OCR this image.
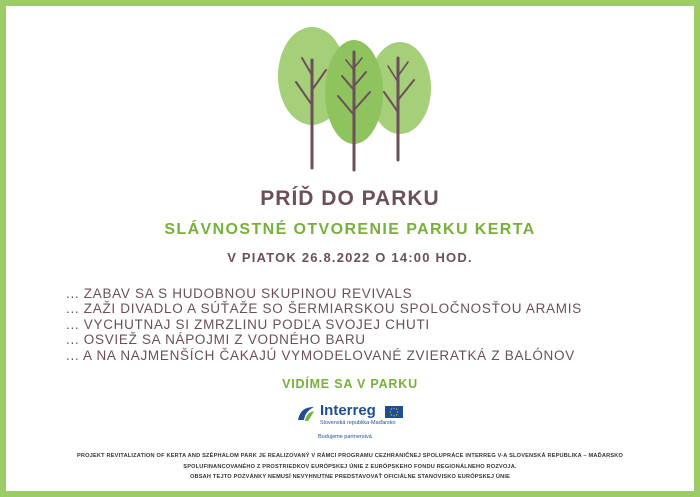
PRÍĎ DO PARKU
SLÁVNOSTNÉ OTVORENIE PARKU KERTA

V PIATOK 26.8.2022 O 14:00 HOD.

... ZABAV SA S HUDOBNOU SKUPINOU REVIVALS
... ZAŽI DIVADLO A SÚŤAŽE SO ŠERMIARSKOU SPOLOČNOSŤOU ARAMIS
... VYCHUTNAJ SI ZMRZLINU PODĽA SVOJEJ CHUTI
... OSVIEŽ SA NÁPOJMI Z VODNÉHO BARU
... A NA NAJMENŠÍCH ČAKAJÚ VYMODELOVANÉ ZVIERATKÁ Z BALÓNOV

VIDÍME SA V PARKU

Interreg
Slovenská republika-Maďarsko
Budujeme partnerstvá
PROJEKT REVITALIZATION OF KERTA AND SZÉPHALOM PARK JE REALIZOVANÝ V RÁMCI PROGRAMU CEZHRANIČNEJ SPOLUPRÁCE INTERREG V-A SLOVENSKÁ REPUBLIKA – MAĎARSKO
SPOLUFINANCOVANÉHO Z PROSTRIEDKOV EURÓPSKEJ ÚNIE Z EURÓPSKEHO FONDU REGIONÁLNEHO ROZVOJA.
OBSAH TEJTO POZVÁNKY NEMUSÍ NEVYHNUTNE PREDSTAVOVAŤ OFICIÁLNE STANOVISKO EURÓPSKEJ ÚNIE
